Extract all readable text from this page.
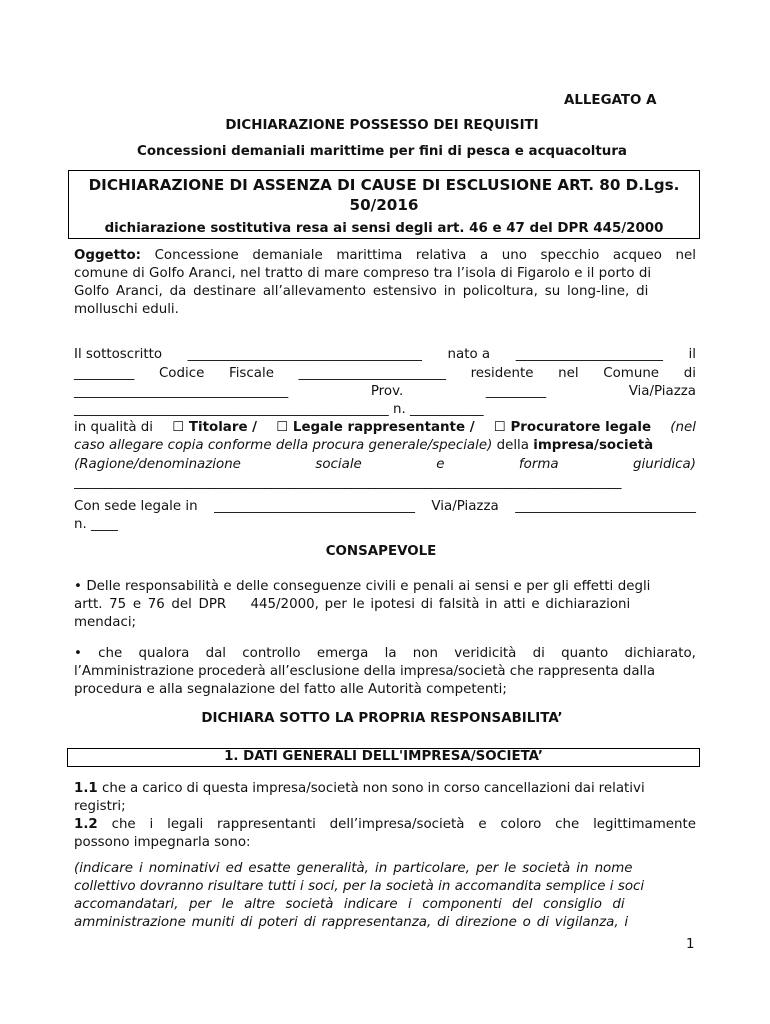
ALLEGATO A
DICHIARAZIONE POSSESSO DEI REQUISITI
Concessioni demaniali marittime per fini di pesca e acquacoltura
DICHIARAZIONE DI ASSENZA DI CAUSE DI ESCLUSIONE ART. 80 D.Lgs.
50/2016
dichiarazione sostitutiva resa ai sensi degli art. 46 e 47 del DPR 445/2000
Oggetto: Concessione demaniale marittima relativa a uno specchio acqueo nel
comune di Golfo Aranci, nel tratto di mare compreso tra l’isola di Figarolo e il porto di
Golfo Aranci, da destinare all’allevamento estensivo in policoltura, su long-line, di
molluschi eduli.
Il sottoscritto ___________________________________ nato a ______________________ il
_________ Codice Fiscale ______________________ residente nel Comune di
________________________________	Prov.	_________	Via/Piazza
_______________________________________________ n. ___________
in qualità di ☐ Titolare / ☐ Legale rappresentante / ☐ Procuratore legale (nel
caso allegare copia conforme della procura generale/speciale) della impresa/società
(Ragione/denominazione	sociale	e	forma	giuridica)
_________________________________________________________________________________________
Con sede legale in ______________________________ Via/Piazza ___________________________
n. ____
CONSAPEVOLE
• Delle responsabilità e delle conseguenze civili e penali ai sensi e per gli effetti degli
artt. 75 e 76 del DPR 445/2000, per le ipotesi di falsità in atti e dichiarazioni
mendaci;
• che qualora dal controllo emerga la non veridicità di quanto dichiarato,
l’Amministrazione procederà all’esclusione della impresa/società che rappresenta dalla
procedura e alla segnalazione del fatto alle Autorità competenti;
DICHIARA SOTTO LA PROPRIA RESPONSABILITA’
1. DATI GENERALI DELL'IMPRESA/SOCIETA’
1.1 che a carico di questa impresa/società non sono in corso cancellazioni dai relativi
registri;
1.2 che i legali rappresentanti dell’impresa/società e coloro che legittimamente
possono impegnarla sono:
(indicare i nominativi ed esatte generalità, in particolare, per le società in nome
collettivo dovranno risultare tutti i soci, per la società in accomandita semplice i soci
accomandatari, per le altre società indicare i componenti del consiglio di
amministrazione muniti di poteri di rappresentanza, di direzione o di vigilanza, i
1
